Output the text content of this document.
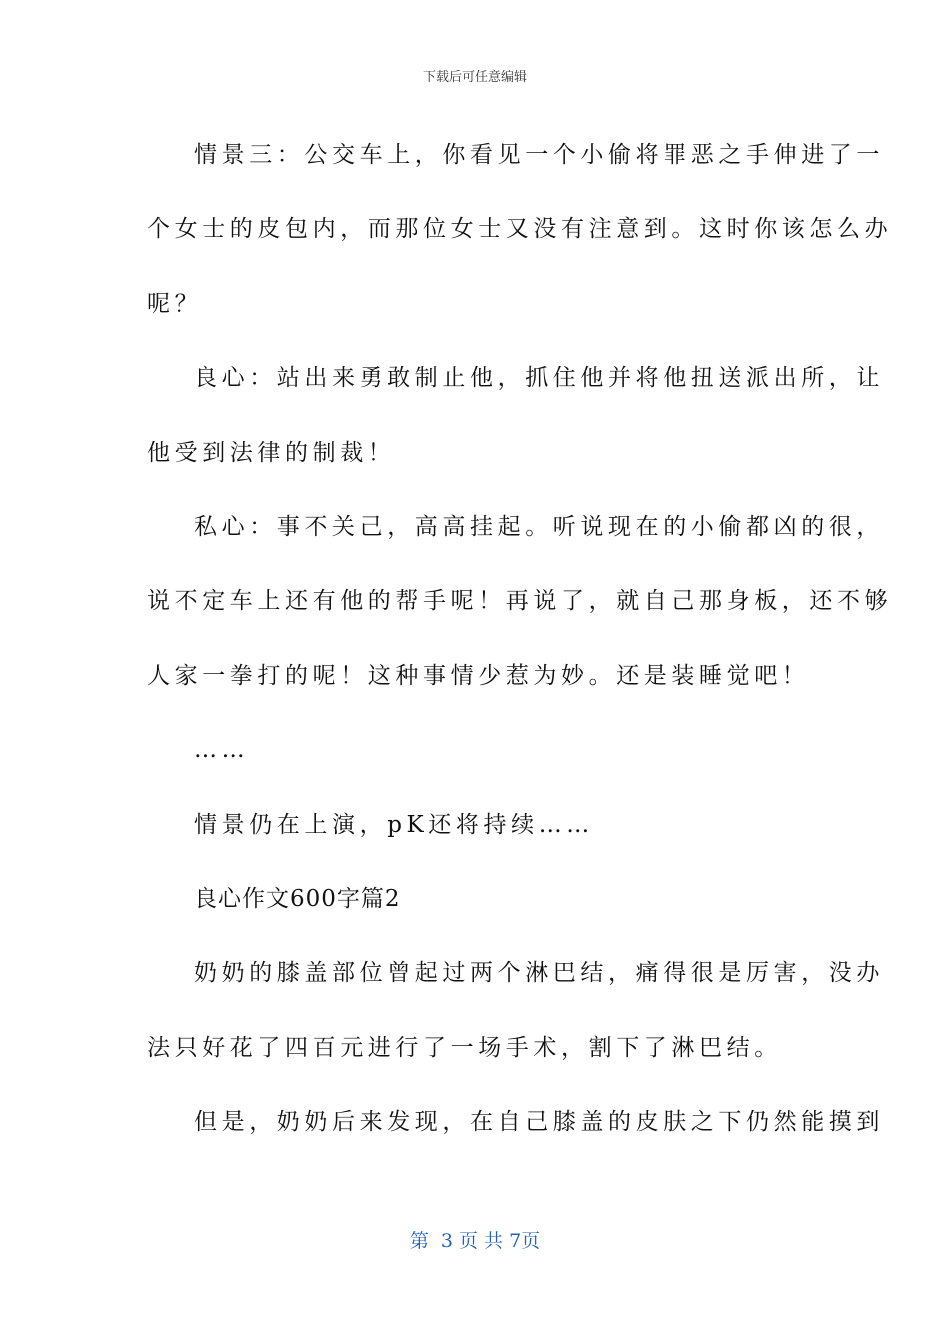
下载后可任意编辑
情景三：公交车上，你看见一个小偷将罪恶之手伸进了一
个女士的皮包内，而那位女士又没有注意到。这时你该怎么办
呢？
良心：站出来勇敢制止他，抓住他并将他扭送派出所，让
他受到法律的制裁！
私心：事不关己，高高挂起。听说现在的小偷都凶的很，
说不定车上还有他的帮手呢！再说了，就自己那身板，还不够
人家一拳打的呢！这种事情少惹为妙。还是装睡觉吧！
……
情景仍在上演，pK还将持续……
良心作文600字篇2
奶奶的膝盖部位曾起过两个淋巴结，痛得很是厉害，没办
法只好花了四百元进行了一场手术，割下了淋巴结。
但是，奶奶后来发现，在自己膝盖的皮肤之下仍然能摸到
第  3 页 共 7页
